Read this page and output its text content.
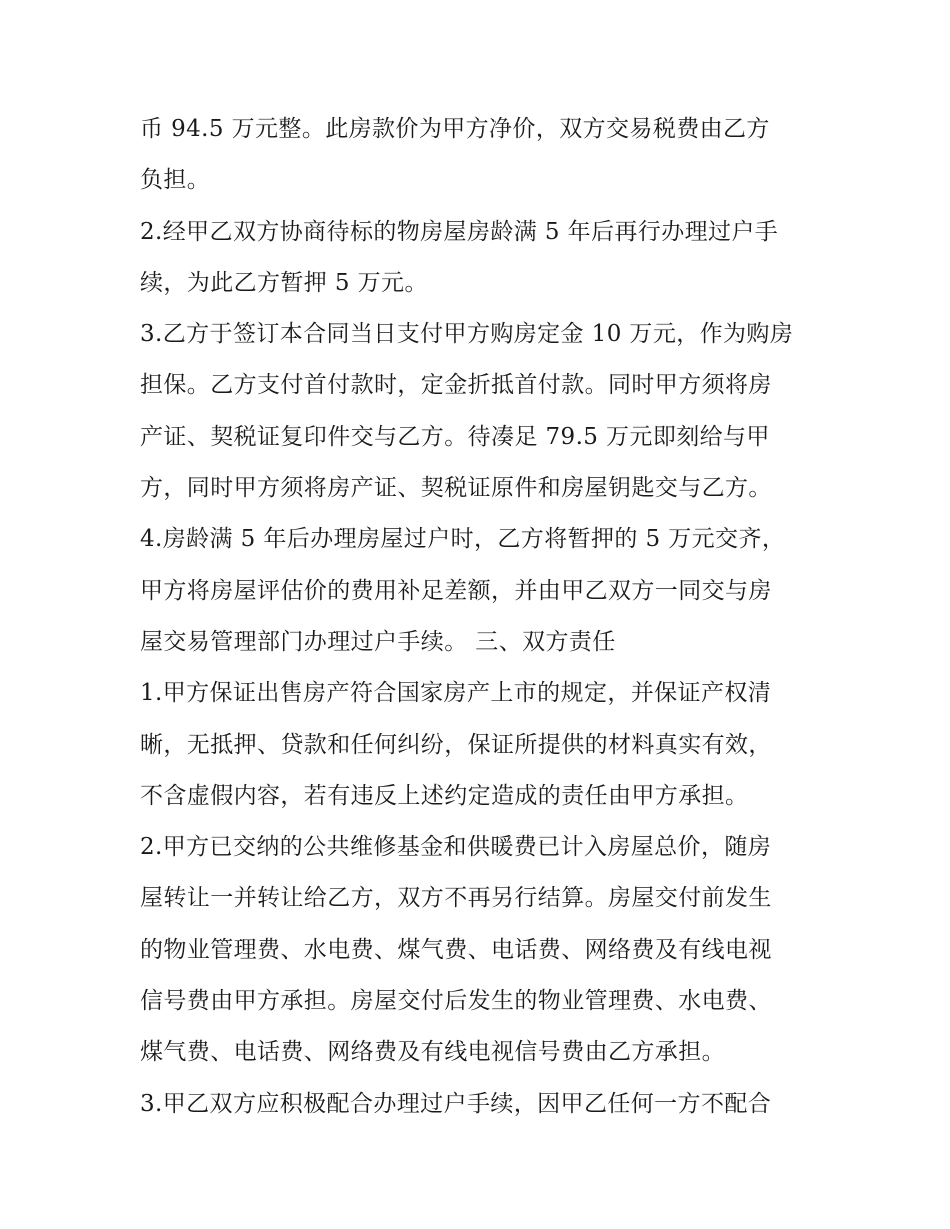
币 94.5 万元整。此房款价为甲方净价，双方交易税费由乙方
负担。
2.经甲乙双方协商待标的物房屋房龄满 5 年后再行办理过户手
续，为此乙方暂押 5 万元。
3.乙方于签订本合同当日支付甲方购房定金 10 万元，作为购房
担保。乙方支付首付款时，定金折抵首付款。同时甲方须将房
产证、契税证复印件交与乙方。待凑足 79.5 万元即刻给与甲
方，同时甲方须将房产证、契税证原件和房屋钥匙交与乙方。
4.房龄满 5 年后办理房屋过户时，乙方将暂押的 5 万元交齐，
甲方将房屋评估价的费用补足差额，并由甲乙双方一同交与房
屋交易管理部门办理过户手续。 三、双方责任
1.甲方保证出售房产符合国家房产上市的规定，并保证产权清
晰，无抵押、贷款和任何纠纷，保证所提供的材料真实有效，
不含虚假内容，若有违反上述约定造成的责任由甲方承担。
2.甲方已交纳的公共维修基金和供暖费已计入房屋总价，随房
屋转让一并转让给乙方，双方不再另行结算。房屋交付前发生
的物业管理费、水电费、煤气费、电话费、网络费及有线电视
信号费由甲方承担。房屋交付后发生的物业管理费、水电费、
煤气费、电话费、网络费及有线电视信号费由乙方承担。
3.甲乙双方应积极配合办理过户手续，因甲乙任何一方不配合
